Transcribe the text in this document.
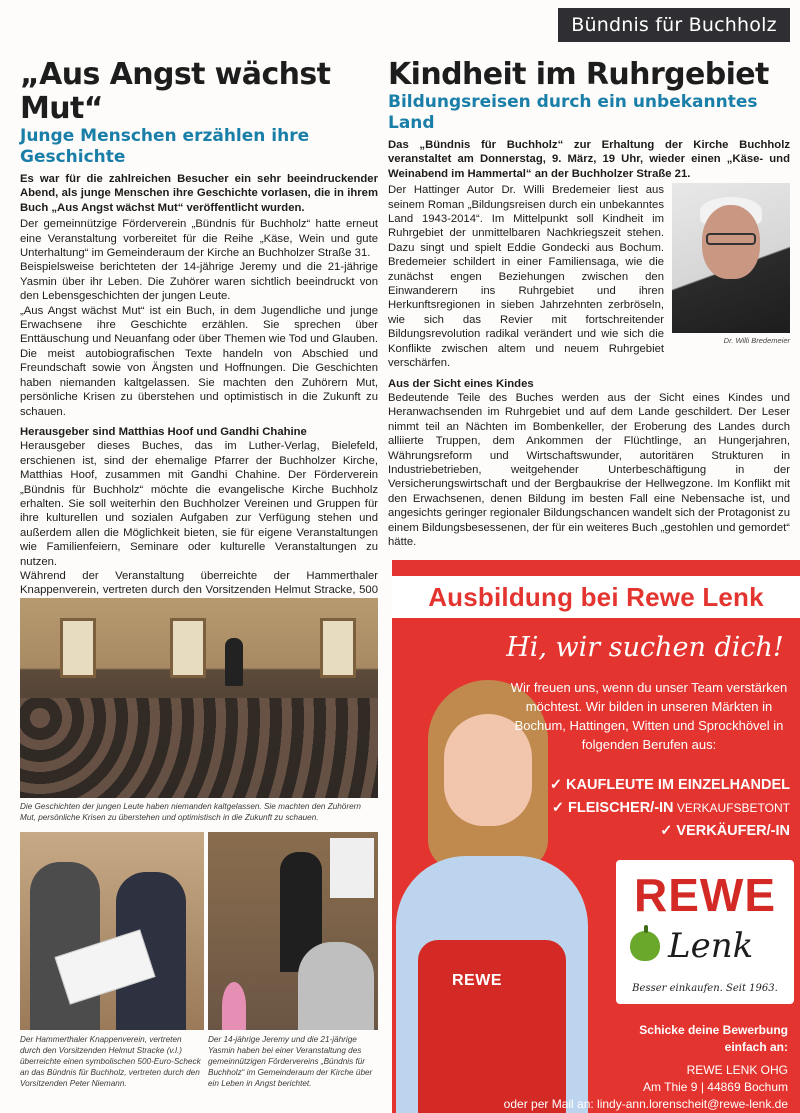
Bündnis für Buchholz
„Aus Angst wächst Mut“
Junge Menschen erzählen ihre Geschichte

Es war für die zahlreichen Besucher ein sehr beeindruckender Abend, als junge Menschen ihre Geschichte vorlasen, die in ihrem Buch „Aus Angst wächst Mut“ veröffentlicht wurden.

Der gemeinnützige Förderverein „Bündnis für Buchholz“ hatte erneut eine Veranstaltung vorbereitet für die Reihe „Käse, Wein und gute Unterhaltung“ im Gemeinderaum der Kirche an Buchholzer Straße 31.

Beispielsweise berichteten der 14-jährige Jeremy und die 21-jährige Yasmin über ihr Leben. Die Zuhörer waren sichtlich beeindruckt von den Lebensgeschichten der jungen Leute.

„Aus Angst wächst Mut“ ist ein Buch, in dem Jugendliche und junge Erwachsene ihre Geschichte erzählen. Sie sprechen über Enttäuschung und Neuanfang oder über Themen wie Tod und Glauben. Die meist autobiografischen Texte handeln von Abschied und Freundschaft sowie von Ängsten und Hoffnungen. Die Geschichten haben niemanden kaltgelassen. Sie machten den Zuhörern Mut, persönliche Krisen zu überstehen und optimistisch in die Zukunft zu schauen.

Herausgeber sind Matthias Hoof und Gandhi Chahine

Herausgeber dieses Buches, das im Luther-Verlag, Bielefeld, erschienen ist, sind der ehemalige Pfarrer der Buchholzer Kirche, Matthias Hoof, zusammen mit Gandhi Chahine. Der Förderverein „Bündnis für Buchholz“ möchte die evangelische Kirche Buchholz erhalten. Sie soll weiterhin den Buchholzer Vereinen und Gruppen für ihre kulturellen und sozialen Aufgaben zur Verfügung stehen und außerdem allen die Möglichkeit bieten, sie für eigene Veranstaltungen wie Familienfeiern, Seminare oder kulturelle Veranstaltungen zu nutzen.

Während der Veranstaltung überreichte der Hammerthaler Knappenverein, vertreten durch den Vorsitzenden Helmut Stracke, 500

Die Geschichten der jungen Leute haben niemanden kaltgelassen. Sie machten den Zuhörern Mut, persönliche Krisen zu überstehen und optimistisch in die Zukunft zu schauen.

Der Hammerthaler Knappenverein, vertreten durch den Vorsitzenden Helmut Stracke (v.l.) überreichte einen symbolischen 500-Euro-Scheck an das Bündnis für Buchholz, vertreten durch den Vorsitzenden Peter Niemann.

Der 14-jährige Jeremy und die 21-jährige Yasmin haben bei einer Veranstaltung des gemeinnützigen Fördervereins „Bündnis für Buchholz“ im Gemeinderaum der Kirche über ein Leben in Angst berichtet.

Kindheit im Ruhrgebiet
Bildungsreisen durch ein unbekanntes Land

Das „Bündnis für Buchholz“ zur Erhaltung der Kirche Buchholz veranstaltet am Donnerstag, 9. März, 19 Uhr, wieder einen „Käse- und Weinabend im Hammertal“ an der Buchholzer Straße 21.

Der Hattinger Autor Dr. Willi Bredemeier liest aus seinem Roman „Bildungsreisen durch ein unbekanntes Land 1943-2014“. Im Mittelpunkt soll Kindheit im Ruhrgebiet der unmittelbaren Nachkriegszeit stehen. Dazu singt und spielt Eddie Gondecki aus Bochum. Bredemeier schildert in einer Familiensaga, wie die zunächst engen Beziehungen zwischen den Einwanderern ins Ruhrgebiet und ihren Herkunftsregionen in sieben Jahrzehnten zerbröseln, wie sich das Revier mit fortschreitender Bildungsrevolution radikal verändert und wie sich die Konflikte zwischen altem und neuem Ruhrgebiet verschärfen.

Dr. Willi Bredemeier

Aus der Sicht eines Kindes

Bedeutende Teile des Buches werden aus der Sicht eines Kindes und Heranwachsenden im Ruhrgebiet und auf dem Lande geschildert. Der Leser nimmt teil an Nächten im Bombenkeller, der Eroberung des Landes durch alliierte Truppen, dem Ankommen der Flüchtlinge, an Hungerjahren, Währungsreform und Wirtschaftswunder, autoritären Strukturen in Industriebetrieben, weitgehender Unterbeschäftigung in der Versicherungswirtschaft und der Bergbaukrise der Hellwegzone. Im Konflikt mit den Erwachsenen, denen Bildung im besten Fall eine Nebensache ist, und angesichts geringer regionaler Bildungschancen wandelt sich der Protagonist zu einem Bildungsbesessenen, der für ein weiteres Buch „gestohlen und gemordet“ hätte.

Ausbildung bei Rewe Lenk
REWE

Hi, wir suchen dich!

Wir freuen uns, wenn du unser Team verstärken möchtest. Wir bilden in unseren Märkten in Bochum, Hattingen, Witten und Sprockhövel in folgenden Berufen aus:

✓ KAUFLEUTE IM EINZELHANDEL
✓ FLEISCHER/-IN VERKAUFSBETONT
✓ VERKÄUFER/-IN
REWE
Lenk
Besser einkaufen. Seit 1963.
Schicke deine Bewerbung
einfach an:
REWE LENK OHG
Am Thie 9 | 44869 Bochum
oder per Mail an: lindy-ann.lorenscheit@rewe-lenk.de
